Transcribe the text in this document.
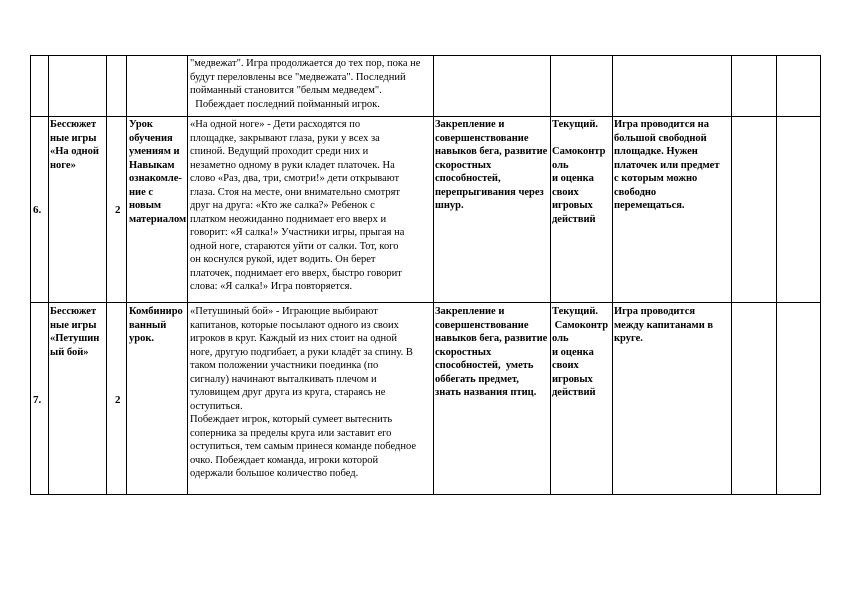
"медвежат". Игра продолжается до тех пор, пока не
будут переловлены все "медвежата". Последний
пойманный становится "белым медведем".
Побеждает последний пойманный игрок.
6.
Бессюжет
ные игры
«На одной
ноге»
2
Урок
обучения
умениям и
Навыкам
ознакомле-
ние с
новым
материалом
«На одной ноге» - Дети расходятся по
площадке, закрывают глаза, руки у всех за
спиной. Ведущий проходит среди них и
незаметно одному в руки кладет платочек. На
слово «Раз, два, три, смотри!» дети открывают
глаза. Стоя на месте, они внимательно смотрят
друг на друга: «Кто же салка?» Ребенок с
платком неожиданно поднимает его вверх и
говорит: «Я салка!» Участники игры, прыгая на
одной ноге, стараются уйти от салки. Тот, кого
он коснулся рукой, идет водить. Он берет
платочек, поднимает его вверх, быстро говорит
слова: «Я салка!» Игра повторяется.
Закрепление и
совершенствование
навыков бега, развитие
скоростных
способностей,
перепрыгивания через
шнур.
Текущий.
Самоконтр
оль
и оценка
своих
игровых
действий
Игра проводится на
большой свободной
площадке. Нужен
платочек или предмет
с которым можно
свободно
перемещаться.
7.
Бессюжет
ные игры
«Петушин
ый бой»
2
Комбиниро
ванный
урок.
«Петушиный бой» - Играющие выбирают
капитанов, которые посылают одного из своих
игроков в круг. Каждый из них стоит на одной
ноге, другую подгибает, а руки кладёт за спину. В
таком положении участники поединка (по
сигналу) начинают выталкивать плечом и
туловищем друг друга из круга, стараясь не
оступиться.
Побеждает игрок, который сумеет вытеснить
соперника за пределы круга или заставит его
оступиться, тем самым принеся команде победное
очко. Побеждает команда, игроки которой
одержали большое количество побед.
Закрепление и
совершенствование
навыков бега, развитие
скоростных
способностей,  уметь
оббегать предмет,
знать названия птиц.
Текущий.
Самоконтр
оль
и оценка
своих
игровых
действий
Игра проводится
между капитанами в
круге.
